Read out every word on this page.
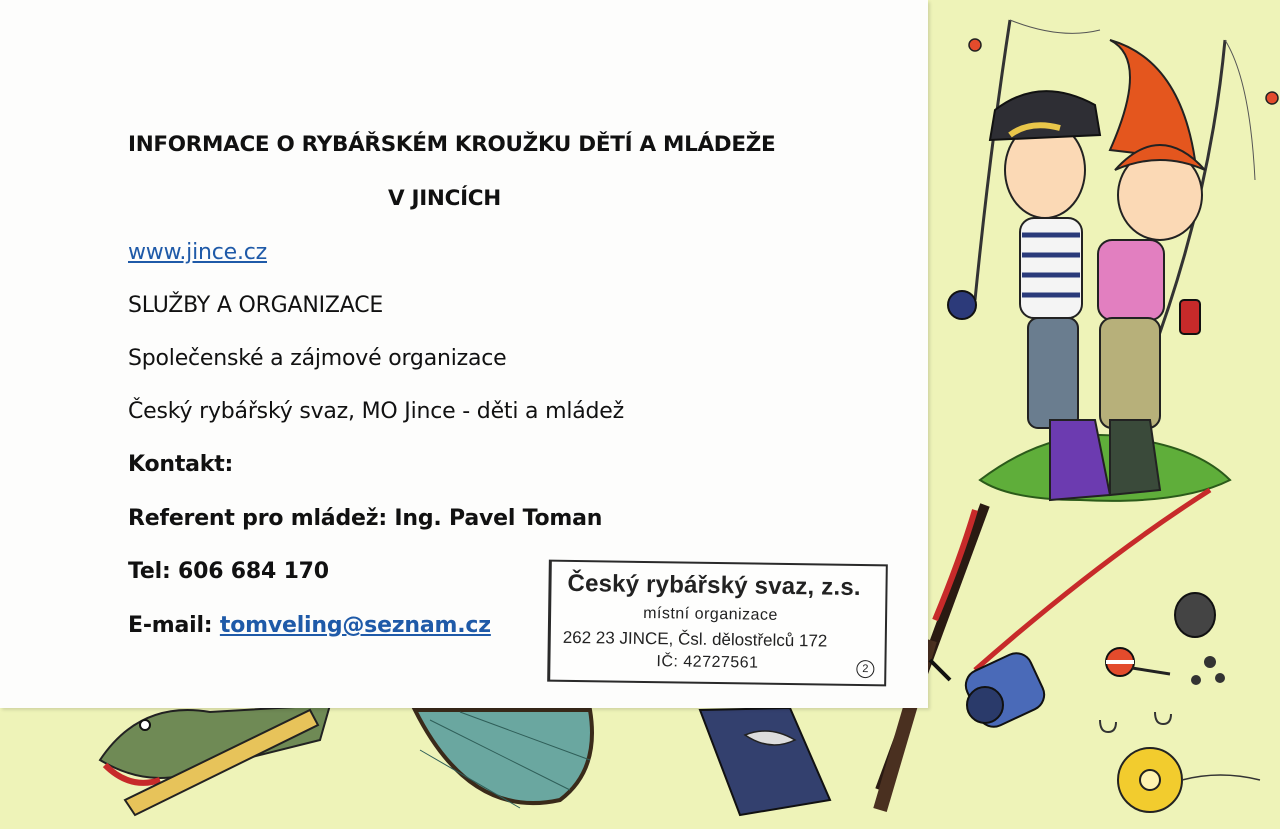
INFORMACE O RYBÁŘSKÉM KROUŽKU DĚTÍ A MLÁDEŽE

V JINCÍCH

www.jince.cz

SLUŽBY A ORGANIZACE

Společenské a zájmové organizace

Český rybářský svaz, MO Jince - děti a mládež

Kontakt:

Referent pro mládež: Ing. Pavel Toman

Tel: 606 684 170

E-mail: tomveling@seznam.cz

Český rybářský svaz, z.s.
místní organizace
262 23 JINCE, Čsl. dělostřelců 172
IČ: 42727561	2
